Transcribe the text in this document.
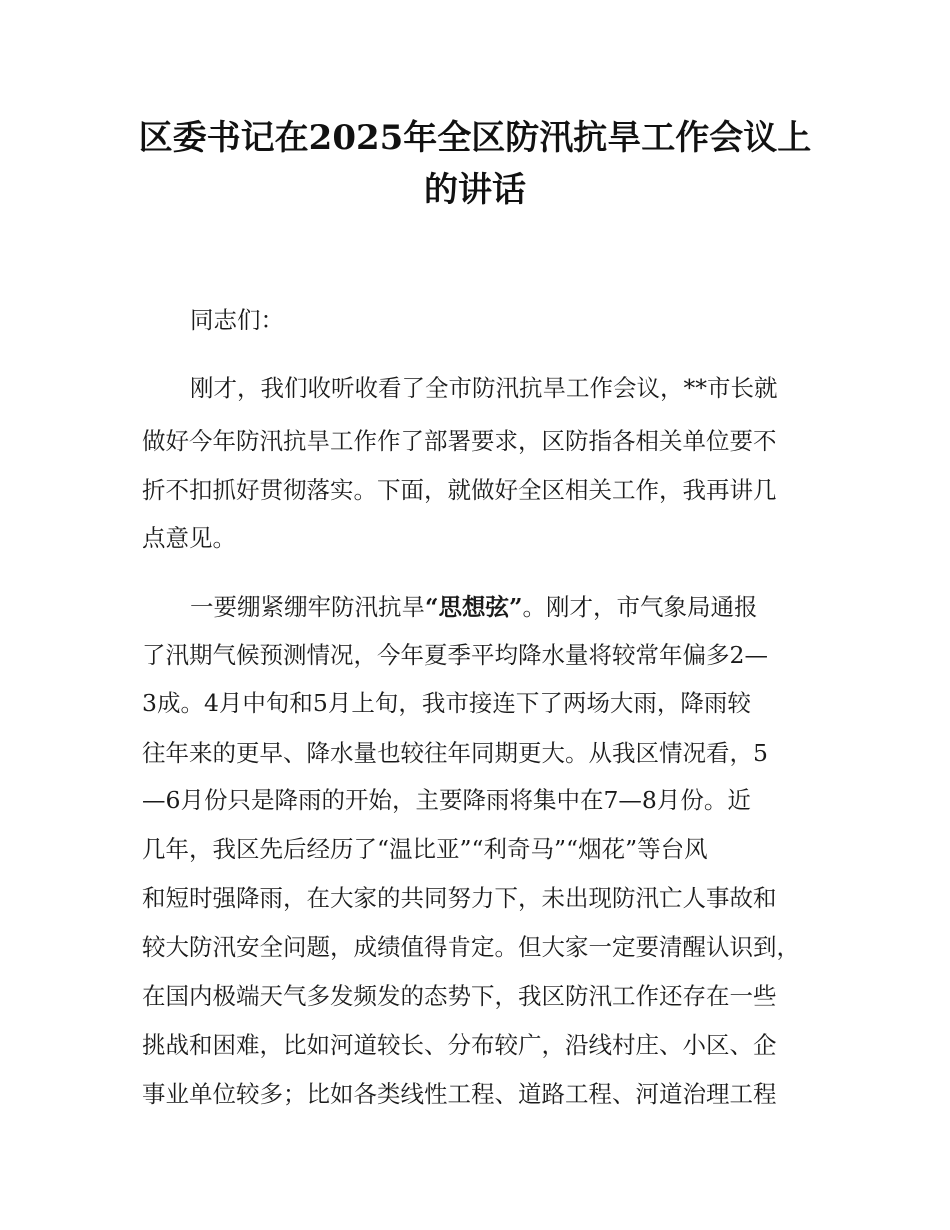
区委书记在2025年全区防汛抗旱工作会议上
的讲话
同志们：
刚才，我们收听收看了全市防汛抗旱工作会议，**市长就
做好今年防汛抗旱工作作了部署要求，区防指各相关单位要不
折不扣抓好贯彻落实。下面，就做好全区相关工作，我再讲几
点意见。
一要绷紧绷牢防汛抗旱“思想弦”。刚才，市气象局通报
了汛期气候预测情况，今年夏季平均降水量将较常年偏多2—
3成。4月中旬和5月上旬，我市接连下了两场大雨，降雨较
往年来的更早、降水量也较往年同期更大。从我区情况看，5
—6月份只是降雨的开始，主要降雨将集中在7—8月份。近
几年，我区先后经历了“温比亚”“利奇马”“烟花”等台风
和短时强降雨，在大家的共同努力下，未出现防汛亡人事故和
较大防汛安全问题，成绩值得肯定。但大家一定要清醒认识到，
在国内极端天气多发频发的态势下，我区防汛工作还存在一些
挑战和困难，比如河道较长、分布较广，沿线村庄、小区、企
事业单位较多；比如各类线性工程、道路工程、河道治理工程
